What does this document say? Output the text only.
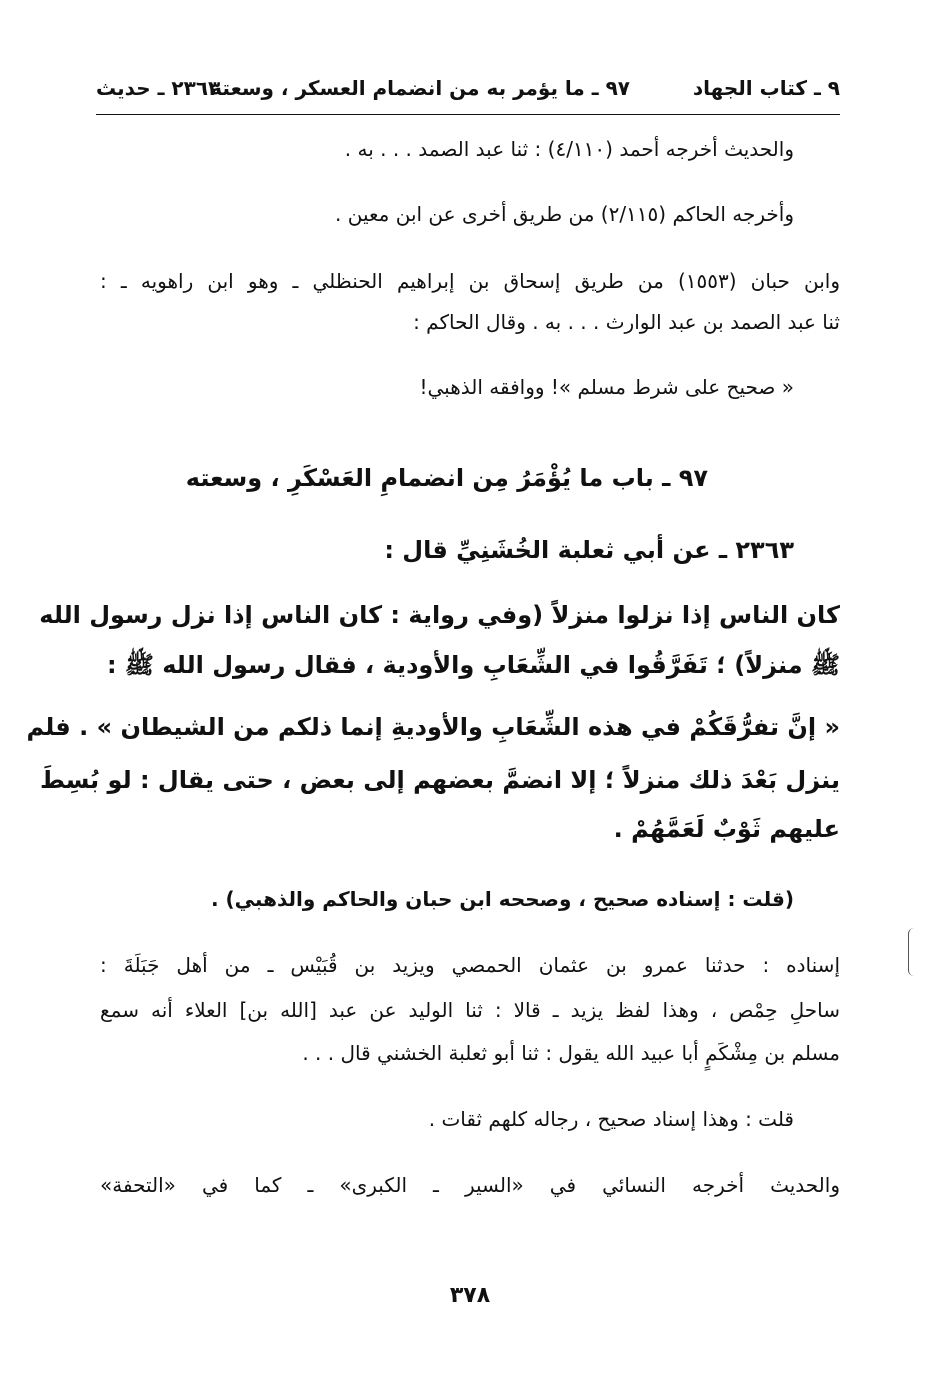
٩ ـ كتاب الجهاد
٩٧ ـ ما يؤمر به من انضمام العسكر ، وسعته
٢٣٦٣ ـ حديث
والحديث أخرجه أحمد (٤/١١٠) : ثنا عبد الصمد . . . به .
وأخرجه الحاكم (٢/١١٥) من طريق أخرى عن ابن معين .
وابن حبان (١٥٥٣) من طريق إسحاق بن إبراهيم الحنظلي ـ وهو ابن راهويه ـ :
ثنا عبد الصمد بن عبد الوارث . . . به . وقال الحاكم :
« صحيح على شرط مسلم »! ووافقه الذهبي!
٩٧ ـ باب ما يُؤْمَرُ مِن انضمامِ العَسْكَرِ ، وسعته
٢٣٦٣ ـ عن أبي ثعلبة الخُشَنِيِّ قال :
كان الناس إذا نزلوا منزلاً (وفي رواية : كان الناس إذا نزل رسول الله
ﷺ منزلاً) ؛ تَفَرَّقُوا في الشِّعَابِ والأودية ، فقال رسول الله ﷺ :
« إنَّ تفرُّقَكُمْ في هذه الشِّعَابِ والأوديةِ إنما ذلكم من الشيطان » . فلم
ينزل بَعْدَ ذلك منزلاً ؛ إلا انضمَّ بعضهم إلى بعض ، حتى يقال : لو بُسِطَ
عليهم ثَوْبٌ لَعَمَّهُمْ .
(قلت : إسناده صحيح ، وصححه ابن حبان والحاكم والذهبي) .
إسناده : حدثنا عمرو بن عثمان الحمصي ويزيد بن قُبَيْس ـ من أهل جَبَلَةَ :
ساحلِ حِمْص ، وهذا لفظ يزيد ـ قالا : ثنا الوليد عن عبد [الله بن] العلاء أنه سمع
مسلم بن مِشْكَمٍ أبا عبيد الله يقول : ثنا أبو ثعلبة الخشني قال . . .
قلت : وهذا إسناد صحيح ، رجاله كلهم ثقات .
والحديث أخرجه النسائي في «السير ـ الكبرى» ـ كما في «التحفة»
٣٧٨
